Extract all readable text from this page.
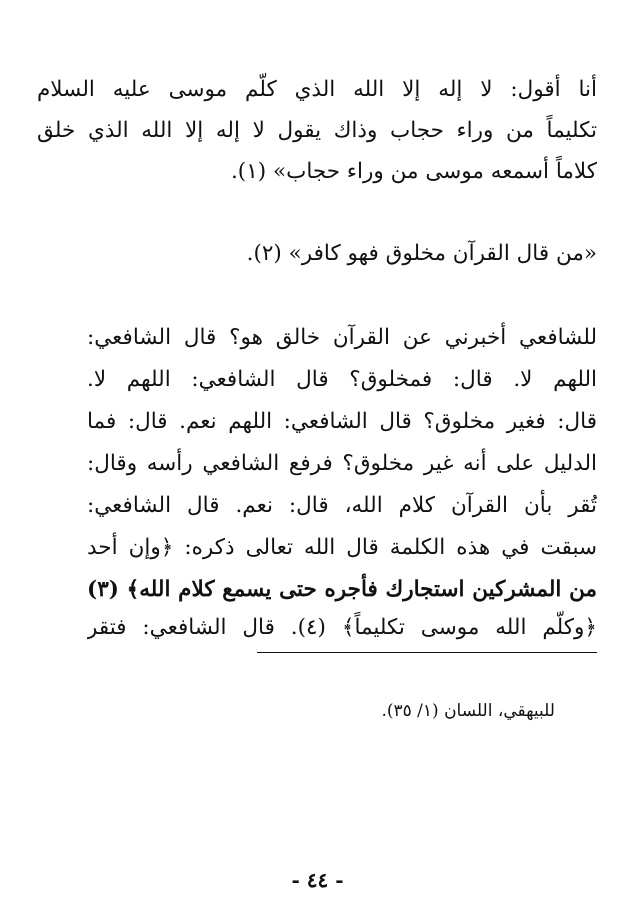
أنا أقول: لا إله إلا الله الذي كلّم موسى عليه السلام
تكليماً من وراء حجاب وذاك يقول لا إله إلا الله الذي خلق
كلاماً أسمعه موسى من وراء حجاب» (١).
«من قال القرآن مخلوق فهو كافر» (٢).
للشافعي أخبرني عن القرآن خالق هو؟ قال الشافعي:
اللهم لا. قال: فمخلوق؟ قال الشافعي: اللهم لا.
قال: فغير مخلوق؟ قال الشافعي: اللهم نعم. قال: فما
الدليل على أنه غير مخلوق؟ فرفع الشافعي رأسه وقال:
تُقر بأن القرآن كلام الله، قال: نعم. قال الشافعي:
سبقت في هذه الكلمة قال الله تعالى ذكره: ﴿وإن أحد
من المشركين استجارك فأجره حتى يسمع كلام الله﴾ (٣)
﴿وكلّم الله موسى تكليماً﴾ (٤). قال الشافعي: فتقر
للبيهقي، اللسان (١/ ٣٥).
- ٤٤ -
